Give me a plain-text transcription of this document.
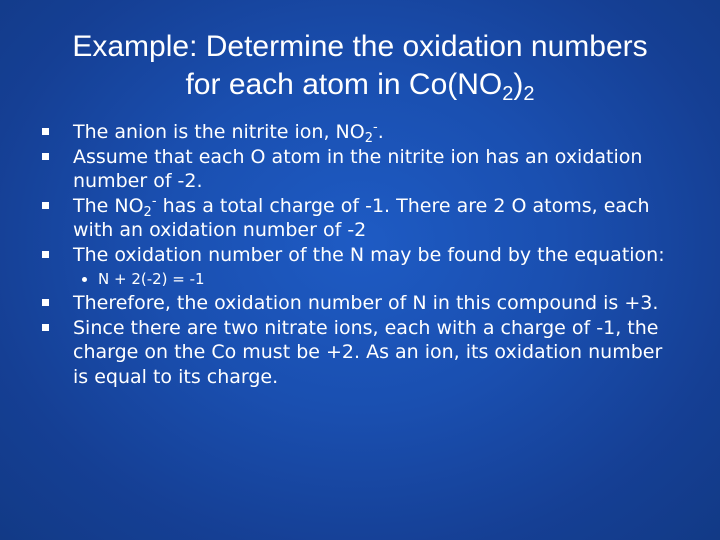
Example: Determine the oxidation numbers
for each atom in $Co(NO_2)_2$
The anion is the nitrite ion, $NO_2^-$.
Assume that each O atom in the nitrite ion has an oxidation number of -2.
The $NO_2^-$ has a total charge of -1. There are 2 O atoms, each with an oxidation number of -2
The oxidation number of the N may be found by the equation:
N + 2(-2) = -1
Therefore, the oxidation number of N in this compound is +3.
Since there are two nitrate ions, each with a charge of -1, the charge on the Co must be +2. As an ion, its oxidation number is equal to its charge.
